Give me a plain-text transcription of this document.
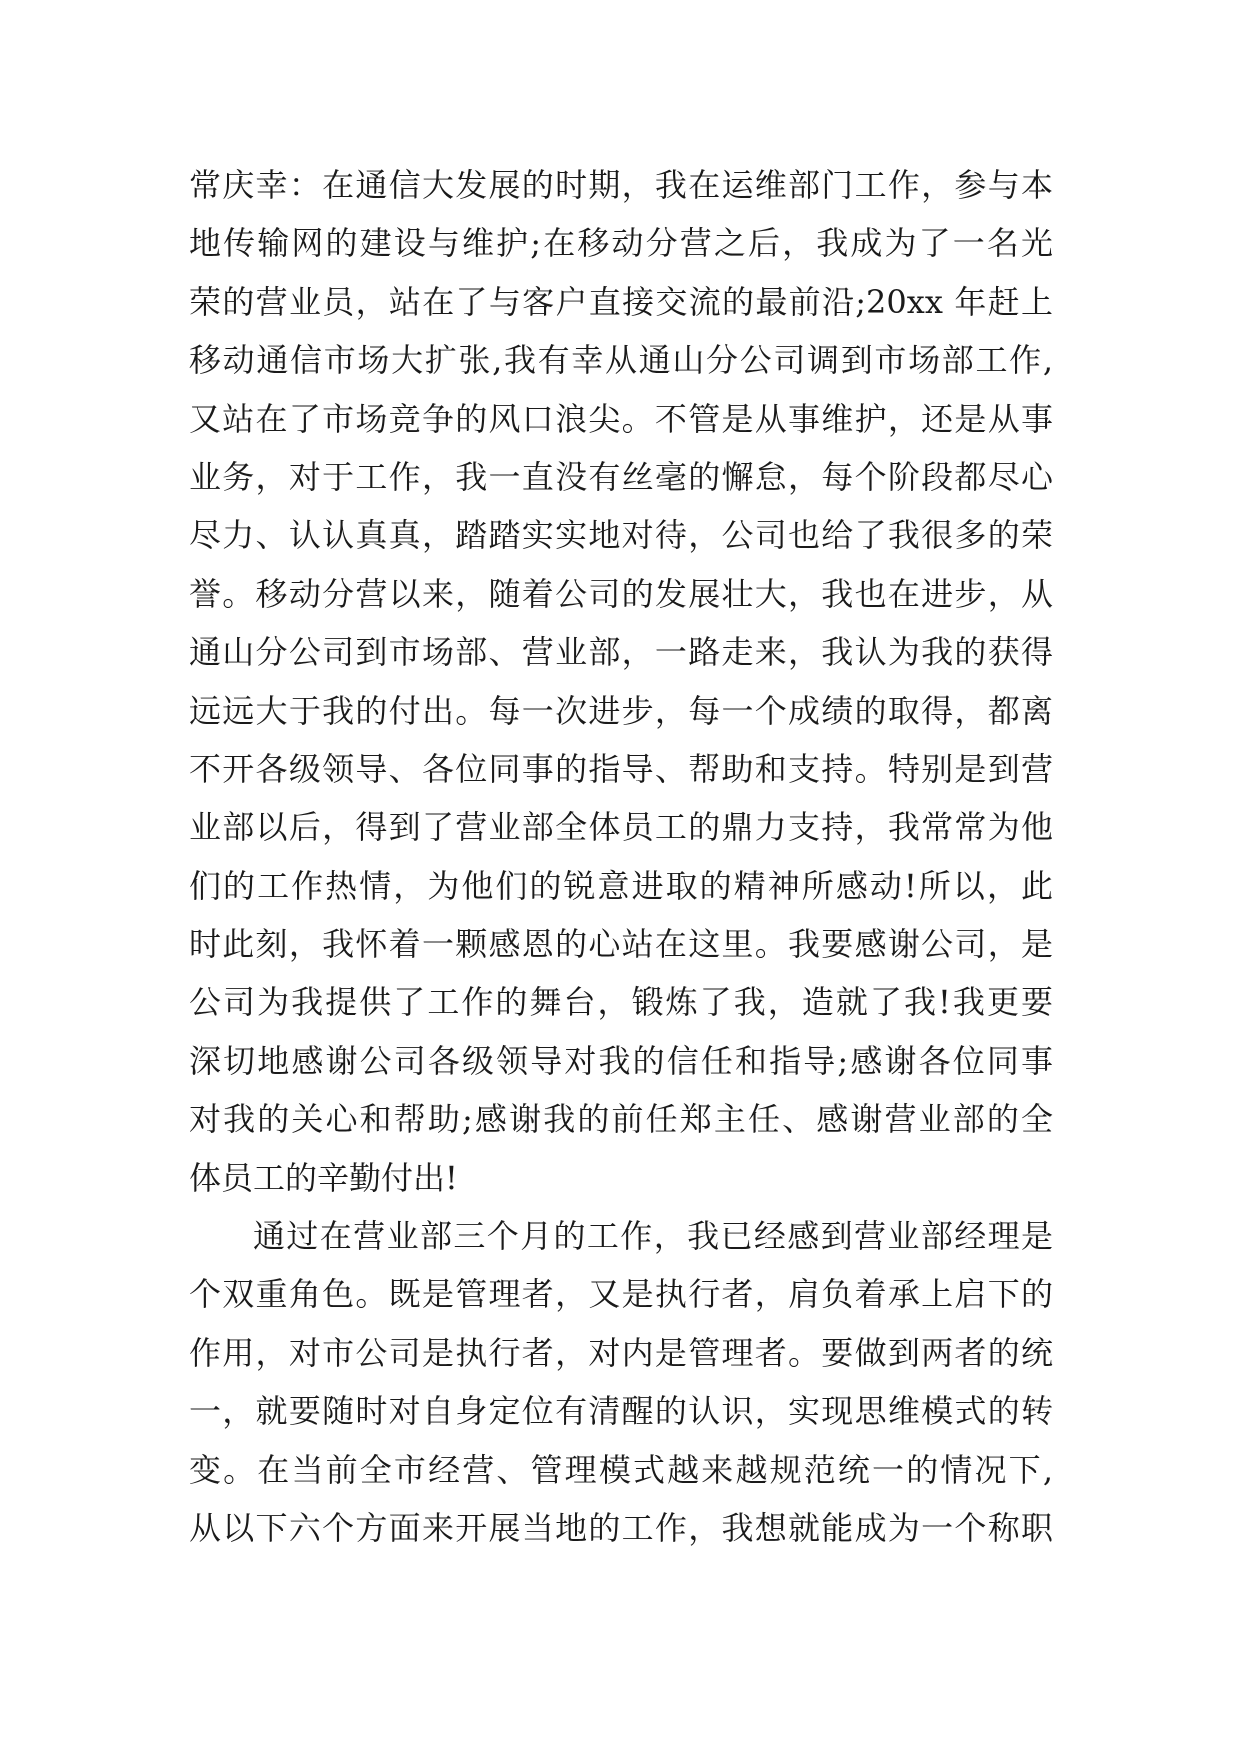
常庆幸：在通信大发展的时期，我在运维部门工作，参与本
地传输网的建设与维护;在移动分营之后，我成为了一名光
荣的营业员，站在了与客户直接交流的最前沿;20xx 年赶上
移动通信市场大扩张,我有幸从通山分公司调到市场部工作,
又站在了市场竞争的风口浪尖。不管是从事维护，还是从事
业务，对于工作，我一直没有丝毫的懈怠，每个阶段都尽心
尽力、认认真真，踏踏实实地对待，公司也给了我很多的荣
誉。移动分营以来，随着公司的发展壮大，我也在进步，从
通山分公司到市场部、营业部，一路走来，我认为我的获得
远远大于我的付出。每一次进步，每一个成绩的取得，都离
不开各级领导、各位同事的指导、帮助和支持。特别是到营
业部以后，得到了营业部全体员工的鼎力支持，我常常为他
们的工作热情，为他们的锐意进取的精神所感动!所以，此
时此刻，我怀着一颗感恩的心站在这里。我要感谢公司，是
公司为我提供了工作的舞台，锻炼了我，造就了我!我更要
深切地感谢公司各级领导对我的信任和指导;感谢各位同事
对我的关心和帮助;感谢我的前任郑主任、感谢营业部的全
体员工的辛勤付出!
通过在营业部三个月的工作，我已经感到营业部经理是
个双重角色。既是管理者，又是执行者，肩负着承上启下的
作用，对市公司是执行者，对内是管理者。要做到两者的统
一，就要随时对自身定位有清醒的认识，实现思维模式的转
变。在当前全市经营、管理模式越来越规范统一的情况下,
从以下六个方面来开展当地的工作，我想就能成为一个称职
